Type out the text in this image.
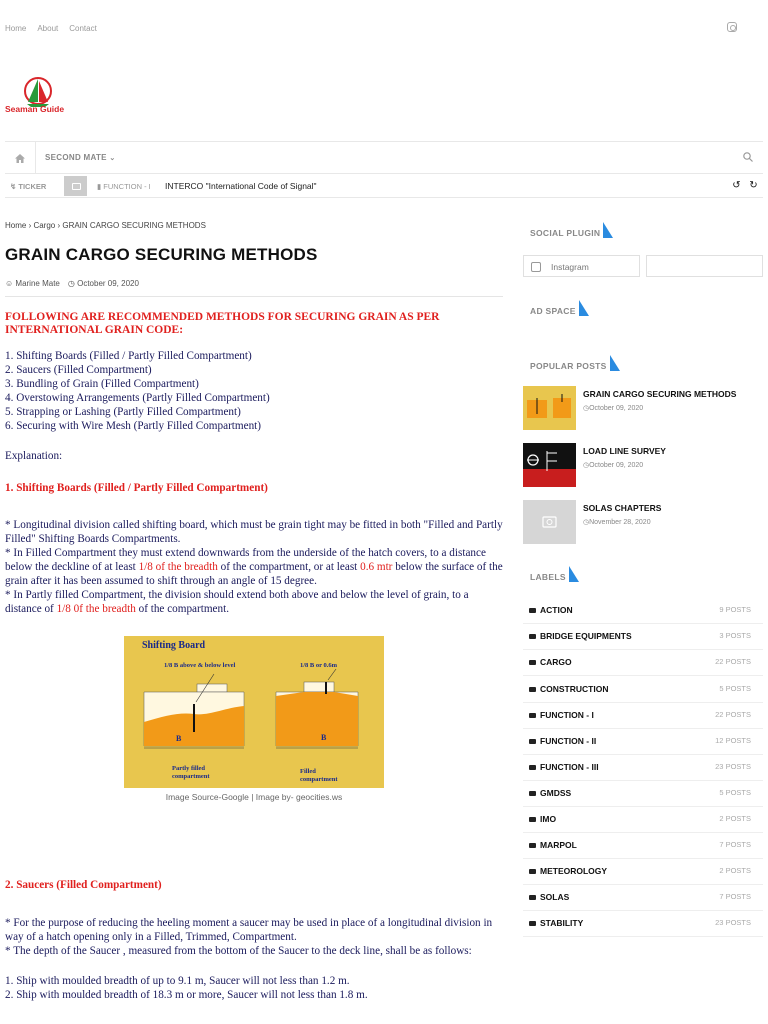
Home About Contact
Seaman Guide
SECOND MATE ⌄
↯ TICKER	▮ FUNCTION - I INTERCO "International Code of Signal"	↺ ↻
Home › Cargo › GRAIN CARGO SECURING METHODS
GRAIN CARGO SECURING METHODS
☺ Marine Mate ◷ October 09, 2020
FOLLOWING ARE RECOMMENDED METHODS FOR SECURING GRAIN AS PER INTERNATIONAL GRAIN CODE:
1. Shifting Boards (Filled / Partly Filled Compartment)
2. Saucers (Filled Compartment)
3. Bundling of Grain (Filled Compartment)
4. Overstowing Arrangements (Partly Filled Compartment)
5. Strapping or Lashing (Partly Filled Compartment)
6. Securing with Wire Mesh (Partly Filled Compartment)
Explanation:
1. Shifting Boards (Filled / Partly Filled Compartment)
* Longitudinal division called shifting board, which must be grain tight may be fitted in both "Filled and Partly Filled" Shifting Boards Compartments.
* In Filled Compartment they must extend downwards from the underside of the hatch covers, to a distance below the deckline of at least 1/8 of the breadth of the compartment, or at least 0.6 mtr below the surface of the grain after it has been assumed to shift through an angle of 15 degree.
* In Partly filled Compartment, the division should extend both above and below the level of grain, to a distance of 1/8 0f the breadth of the compartment.
Shifting Board
1/8 B above & below level	1/8 B or 0.6m
B
Partly filled
compartment
B
Filled
compartment
Image Source-Google | Image by- geocities.ws
2. Saucers (Filled Compartment)
* For the purpose of reducing the heeling moment a saucer may be used in place of a longitudinal division in way of a hatch opening only in a Filled, Trimmed, Compartment.
* The depth of the Saucer , measured from the bottom of the Saucer to the deck line, shall be as follows:
1. Ship with moulded breadth of up to 9.1 m, Saucer will not less than 1.2 m.
2. Ship with moulded breadth of 18.3 m or more, Saucer will not less than 1.8 m.
SOCIAL PLUGIN
Instagram
AD SPACE
POPULAR POSTS
GRAIN CARGO SECURING METHODS
◷October 09, 2020
LOAD LINE SURVEY
◷October 09, 2020
SOLAS CHAPTERS
◷November 28, 2020
LABELS
ACTION	9 POSTS
BRIDGE EQUIPMENTS	3 POSTS
CARGO	22 POSTS
CONSTRUCTION	5 POSTS
FUNCTION - I	22 POSTS
FUNCTION - II	12 POSTS
FUNCTION - III	23 POSTS
GMDSS	5 POSTS
IMO	2 POSTS
MARPOL	7 POSTS
METEOROLOGY	2 POSTS
SOLAS	7 POSTS
STABILITY	23 POSTS
